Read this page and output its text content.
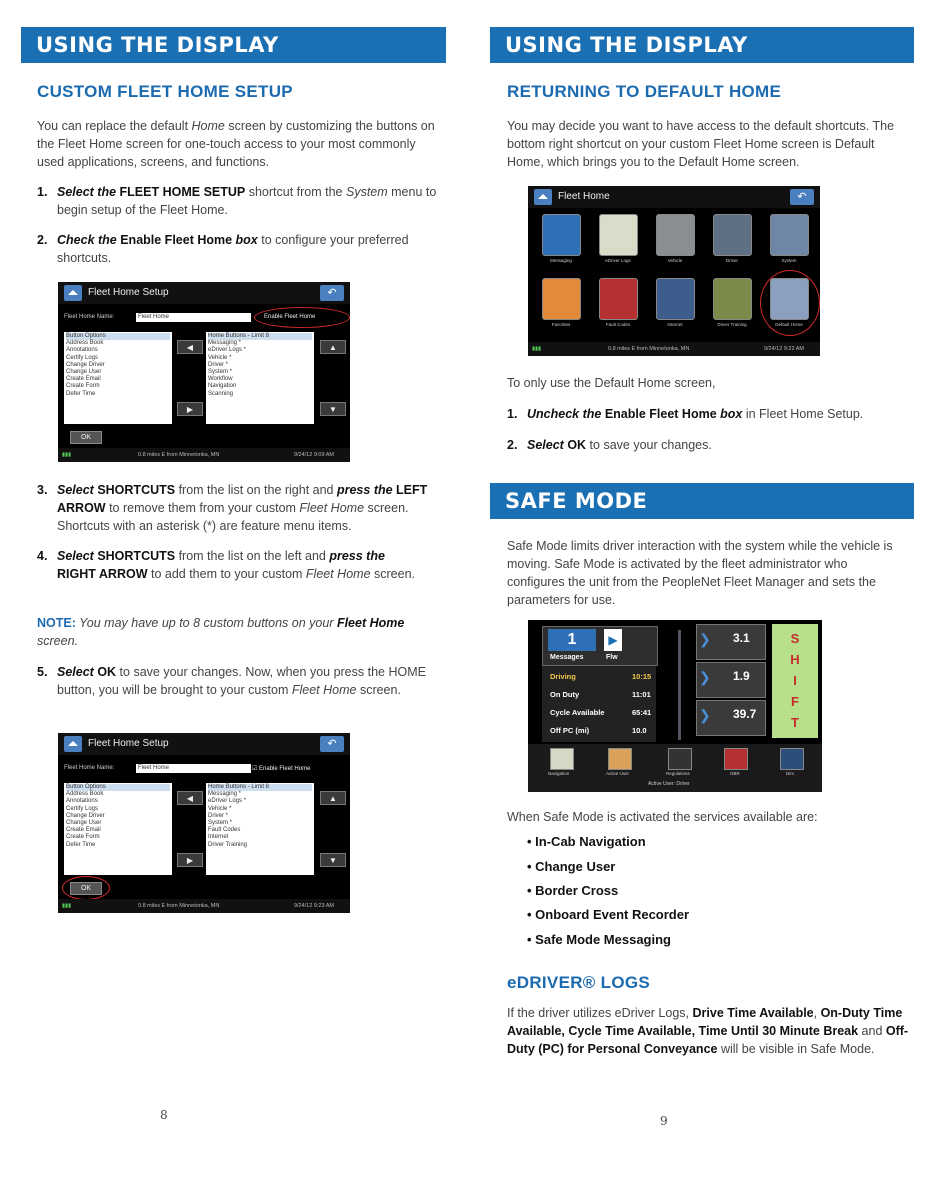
USING THE DISPLAY
CUSTOM FLEET HOME SETUP
You can replace the default Home screen by customizing the buttons on the Fleet Home screen for one-touch access to your most commonly used applications, screens, and functions.
1. Select the FLEET HOME SETUP shortcut from the System menu to begin setup of the Fleet Home.
2. Check the Enable Fleet Home box to configure your preferred shortcuts.
Fleet Home Setup	↶
Fleet Home Name:	Fleet Home	Enable Fleet Home
Button Options
Address Book
Annotations
Certify Logs
Change Driver
Change User
Create Email
Create Form
Defer Time
◀
▶
Home Buttons - Limit 8
Messaging *
eDriver Logs *
Vehicle *
Driver *
System *
Workflow
Navigation
Scanning
▲
▼
OK
▮▮▮	0.8 miles E from Minnetonka, MN	9/24/12 9:09 AM
3. Select SHORTCUTS from the list on the right and press the LEFT ARROW to remove them from your custom Fleet Home screen. Shortcuts with an asterisk (*) are feature menu items.
4. Select SHORTCUTS from the list on the left and press the RIGHT ARROW to add them to your custom Fleet Home screen.
NOTE: You may have up to 8 custom buttons on your Fleet Home screen.
5. Select OK to save your changes. Now, when you press the HOME button, you will be brought to your custom Fleet Home screen.
Fleet Home Setup	↶
Fleet Home Name:	Fleet Home	☑ Enable Fleet Home
Button Options
Address Book
Annotations
Certify Logs
Change Driver
Change User
Create Email
Create Form
Defer Time
◀
▶
Home Buttons - Limit 8
Messaging *
eDriver Logs *
Vehicle *
Driver *
System *
Fault Codes
Internet
Driver Training
▲
▼
OK
▮▮▮	0.8 miles E from Minnetonka, MN	9/24/12 9:23 AM
8
USING THE DISPLAY
RETURNING TO DEFAULT HOME
You may decide you want to have access to the default shortcuts. The bottom right shortcut on your custom Fleet Home screen is Default Home, which brings you to the Default Home screen.
Fleet Home	↶
Messaging	eDriver Logs	Vehicle	Driver	System
Favorites	Fault Codes	Internet	Driver Training	Default Home
▮▮▮	0.8 miles E from Minnetonka, MN	9/24/12 9:22 AM
To only use the Default Home screen,
1. Uncheck the Enable Fleet Home box in Fleet Home Setup.
2. Select OK to save your changes.
SAFE MODE
Safe Mode limits driver interaction with the system while the vehicle is moving. Safe Mode is activated by the fleet administrator who configures the unit from the PeopleNet Fleet Manager and sets the parameters for use.
1	▶
Messages	Flw
Driving	10:15
On Duty	11:01
Cycle Available	65:41
Off PC (mi)	10.0
❯ 3.1
❯ 1.9
❯ 39.7
S
H
I
F
T
Navigation	Active User	Regulations	OBR	Dim
Active User: Driver
When Safe Mode is activated the services available are:
• In-Cab Navigation
• Change User
• Border Cross
• Onboard Event Recorder
• Safe Mode Messaging
eDRIVER® LOGS
If the driver utilizes eDriver Logs, Drive Time Available, On-Duty Time Available, Cycle Time Available, Time Until 30 Minute Break and Off-Duty (PC) for Personal Conveyance will be visible in Safe Mode.
9
